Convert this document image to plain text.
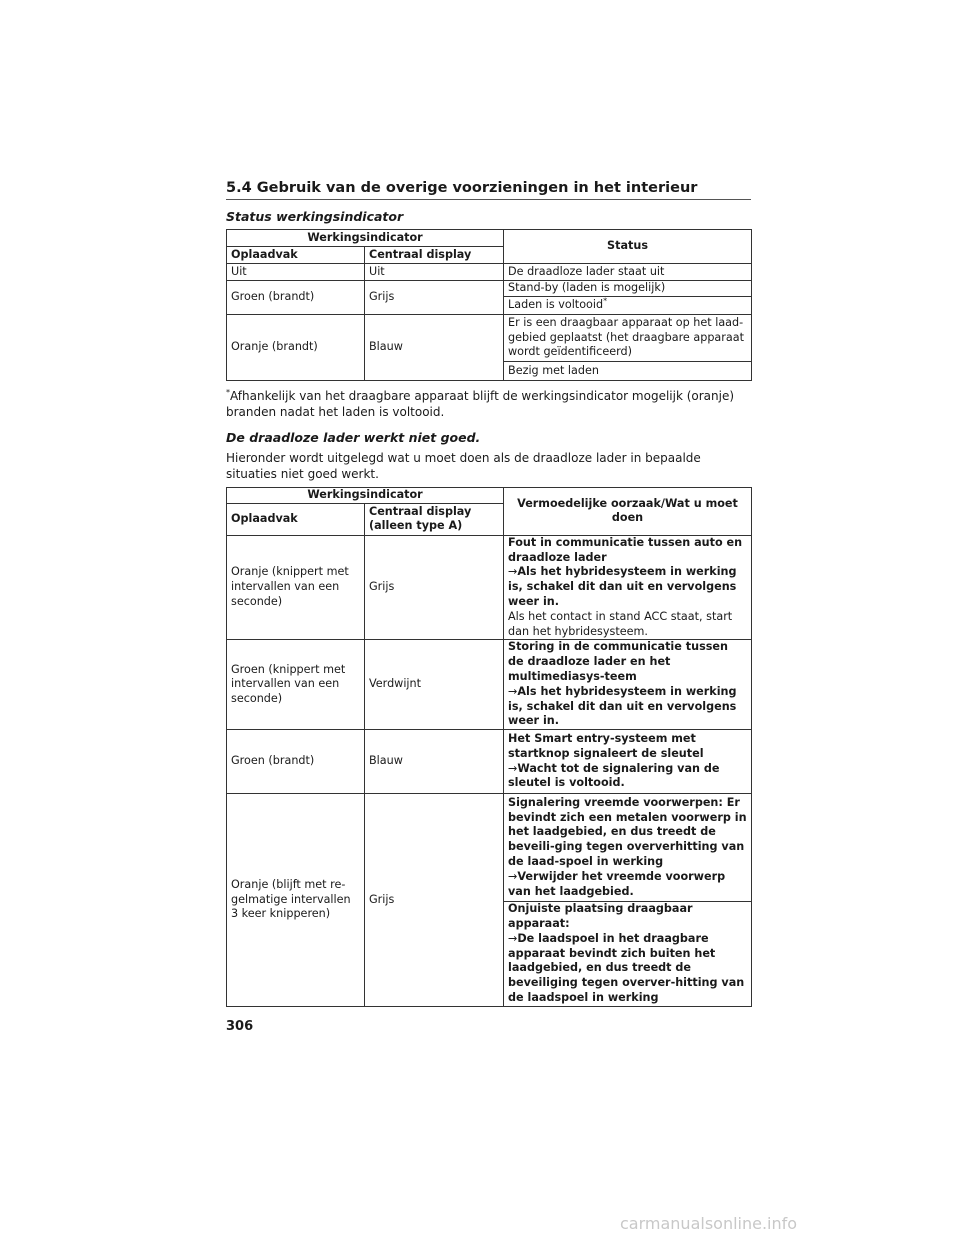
5.4 Gebruik van de overige voorzieningen in het interieur
Status werkingsindicator
Werkingsindicator		Status
Oplaadvak	Centraal display	
Uit	Uit	De draadloze lader staat uit
Groen (brandt)	Grijs	Stand-by (laden is mogelijk)
		Laden is voltooid*
Oranje (brandt)	Blauw	Er is een draagbaar apparaat op het laad-gebied geplaatst (het draagbare apparaat wordt geïdentificeerd)
		Bezig met laden

*Afhankelijk van het draagbare apparaat blijft de werkingsindicator mogelijk (oranje) branden nadat het laden is voltooid.

De draadloze lader werkt niet goed.

Hieronder wordt uitgelegd wat u moet doen als de draadloze lader in bepaalde situaties niet goed werkt.

Werkingsindicator		Vermoedelijke oorzaak/Wat u moet doen
Oplaadvak	Centraal display (alleen type A)	
Oranje (knippert met intervallen van een seconde)	Grijs	Fout in communicatie tussen auto en draadloze lader
→Als het hybridesysteem in werking is, schakel dit dan uit en vervolgens weer in.
Als het contact in stand ACC staat, start dan het hybridesysteem.

Groen (knippert met intervallen van een seconde)	Verdwijnt	Storing in de communicatie tussen de draadloze lader en het multimediasys-teem
→Als het hybridesysteem in werking is, schakel dit dan uit en vervolgens weer in.

Groen (brandt)	Blauw	Het Smart entry-systeem met startknop signaleert de sleutel
→Wacht tot de signalering van de sleutel is voltooid.

Oranje (blijft met re-gelmatige intervallen 3 keer knipperen)	Grijs	Signalering vreemde voorwerpen: Er bevindt zich een metalen voorwerp in het laadgebied, en dus treedt de beveili-ging tegen oververhitting van de laad-spoel in werking
→Verwijder het vreemde voorwerp van het laadgebied.

		Onjuiste plaatsing draagbaar apparaat:
→De laadspoel in het draagbare apparaat bevindt zich buiten het laadgebied, en dus treedt de beveiliging tegen overver-hitting van de laadspoel in werking
306
carmanualsonline.info
